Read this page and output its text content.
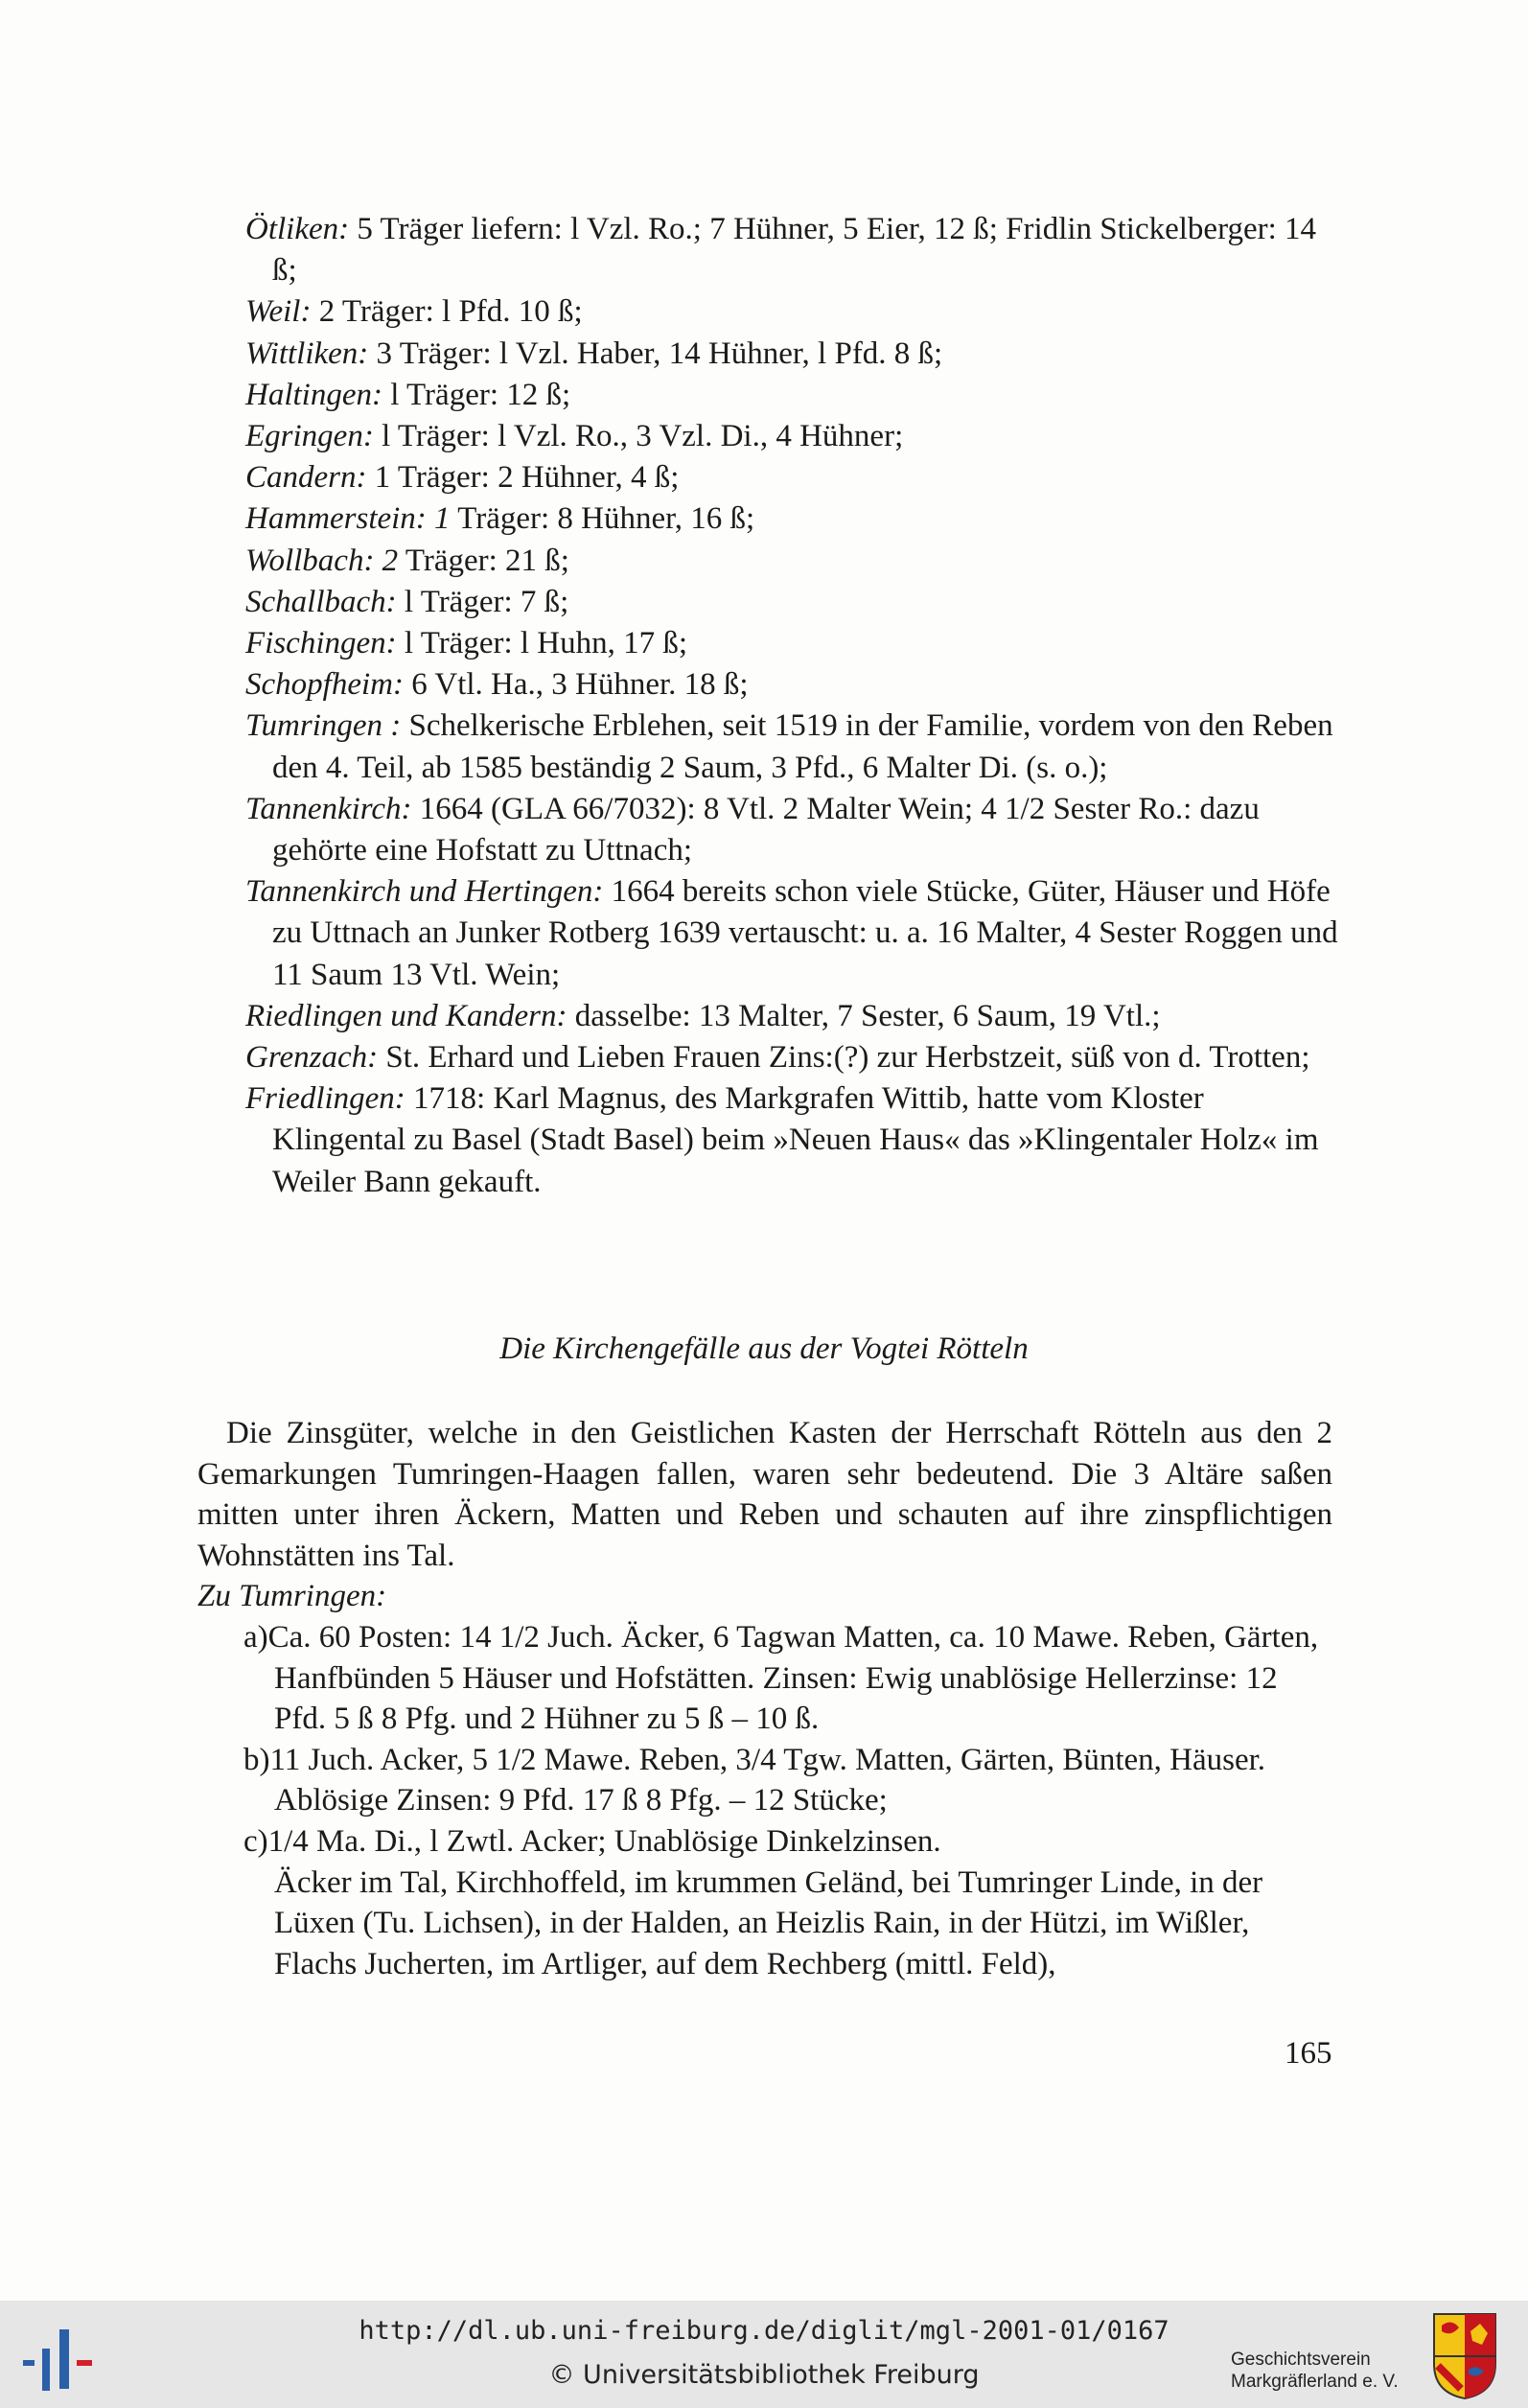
Ötliken: 5 Träger liefern: l Vzl. Ro.; 7 Hühner, 5 Eier, 12 ß; Fridlin Stickelberger: 14 ß;

Weil: 2 Träger: l Pfd. 10 ß;

Wittliken: 3 Träger: l Vzl. Haber, 14 Hühner, l Pfd. 8 ß;

Haltingen: l Träger: 12 ß;

Egringen: l Träger: l Vzl. Ro., 3 Vzl. Di., 4 Hühner;

Candern: 1 Träger: 2 Hühner, 4 ß;

Hammerstein: 1 Träger: 8 Hühner, 16 ß;

Wollbach: 2 Träger: 21 ß;

Schallbach: l Träger: 7 ß;

Fischingen: l Träger: l Huhn, 17 ß;

Schopfheim: 6 Vtl. Ha., 3 Hühner. 18 ß;

Tumringen : Schelkerische Erblehen, seit 1519 in der Familie, vordem von den Reben den 4. Teil, ab 1585 beständig 2 Saum, 3 Pfd., 6 Malter Di. (s. o.);

Tannenkirch: 1664 (GLA 66/7032): 8 Vtl. 2 Malter Wein; 4 1/2 Sester Ro.: dazu gehörte eine Hofstatt zu Uttnach;

Tannenkirch und Hertingen: 1664 bereits schon viele Stücke, Güter, Häuser und Höfe zu Uttnach an Junker Rotberg 1639 vertauscht: u. a. 16 Malter, 4 Sester Roggen und 11 Saum 13 Vtl. Wein;

Riedlingen und Kandern: dasselbe: 13 Malter, 7 Sester, 6 Saum, 19 Vtl.;

Grenzach: St. Erhard und Lieben Frauen Zins:(?) zur Herbstzeit, süß von d. Trotten;

Friedlingen: 1718: Karl Magnus, des Markgrafen Wittib, hatte vom Kloster Klingental zu Basel (Stadt Basel) beim »Neuen Haus« das »Klingentaler Holz« im Weiler Bann gekauft.

Die Kirchengefälle aus der Vogtei Rötteln

Die Zinsgüter, welche in den Geistlichen Kasten der Herrschaft Rötteln aus den 2 Gemarkungen Tumringen-Haagen fallen, waren sehr bedeutend. Die 3 Altäre saßen mitten unter ihren Äckern, Matten und Reben und schauten auf ihre zinspflichtigen Wohnstätten ins Tal.

Zu Tumringen:

a)Ca. 60 Posten: 14 1/2 Juch. Äcker, 6 Tagwan Matten, ca. 10 Mawe. Reben, Gärten, Hanfbünden 5 Häuser und Hofstätten. Zinsen: Ewig unablösige Hellerzinse: 12 Pfd. 5 ß 8 Pfg. und 2 Hühner zu 5 ß – 10 ß.

b)11 Juch. Acker, 5 1/2 Mawe. Reben, 3/4 Tgw. Matten, Gärten, Bünten, Häuser. Ablösige Zinsen: 9 Pfd. 17 ß 8 Pfg. – 12 Stücke;

c)1/4 Ma. Di., l Zwtl. Acker; Unablösige Dinkelzinsen.

Äcker im Tal, Kirchhoffeld, im krummen Geländ, bei Tumringer Linde, in der Lüxen (Tu. Lichsen), in der Halden, an Heizlis Rain, in der Hützi, im Wißler, Flachs Jucherten, im Artliger, auf dem Rechberg (mittl. Feld),

165
http://dl.ub.uni-freiburg.de/diglit/mgl-2001-01/0167
© Universitätsbibliothek Freiburg
Geschichtsverein
Markgräflerland e. V.
